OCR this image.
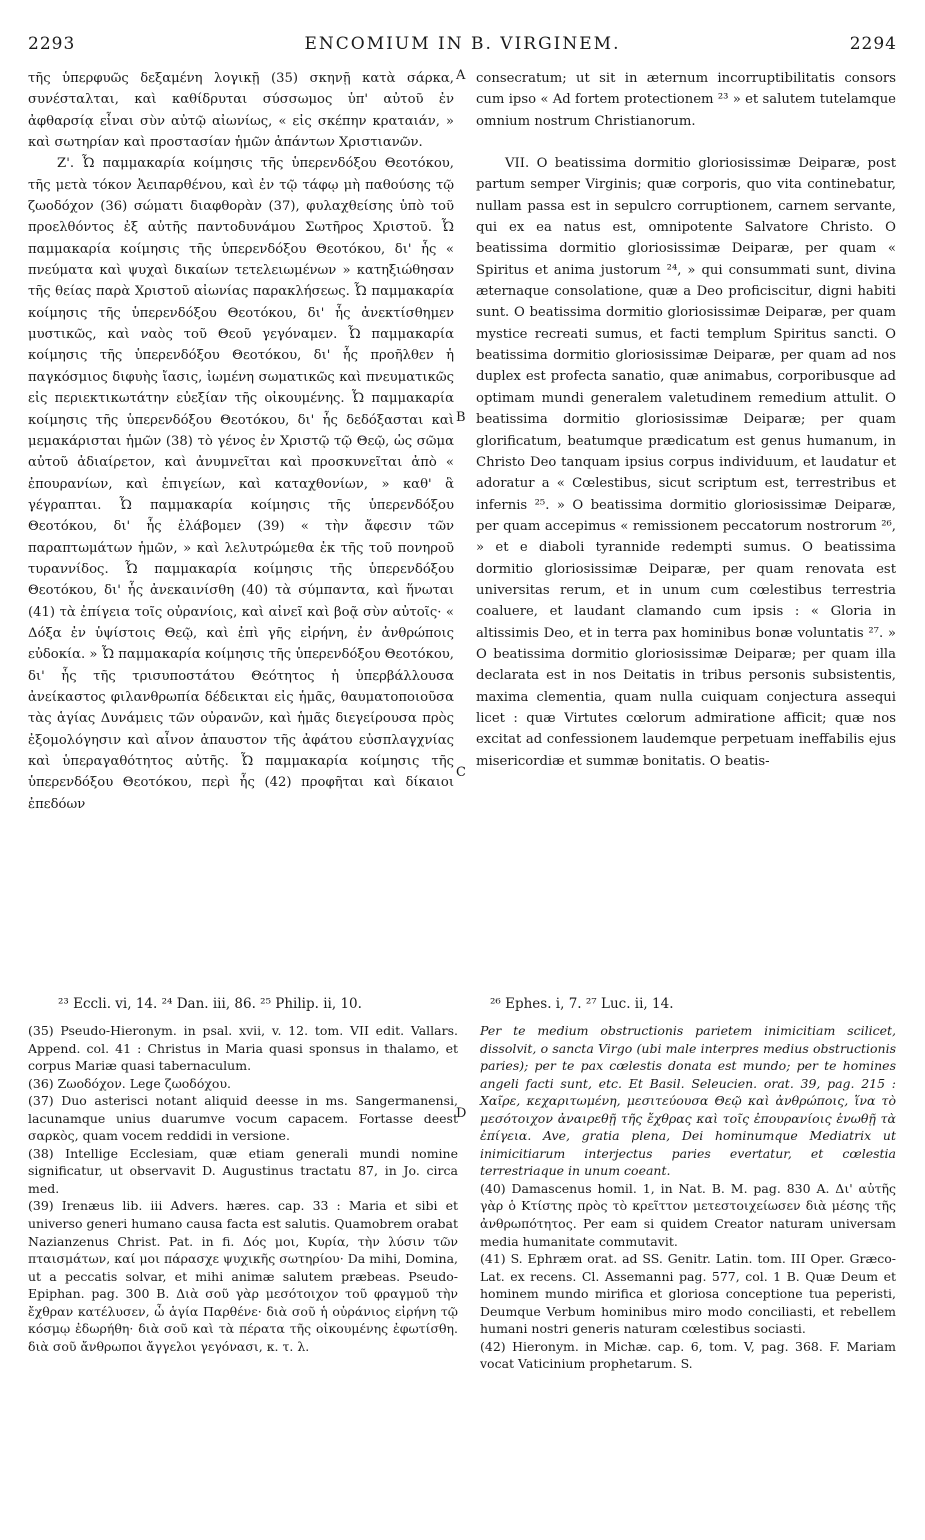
2293	ENCOMIUM IN B. VIRGINEM.	2294

τῆς ὑπερφυῶς δεξαμένη λογικῇ (35) σκηνῇ κατὰ σάρκα, συνέσταλται, καὶ καθίδρυται σύσσωμος ὑπ' αὐτοῦ ἐν ἀφθαρσίᾳ εἶναι σὺν αὐτῷ αἰωνίως, « εἰς σκέπην κραταιάν, » καὶ σωτηρίαν καὶ προστασίαν ἡμῶν ἁπάντων Χριστιανῶν.

Ζ'. Ὦ παμμακαρία κοίμησις τῆς ὑπερενδόξου Θεοτόκου, τῆς μετὰ τόκον Ἀειπαρθένου, καὶ ἐν τῷ τάφῳ μὴ παθούσης τῷ ζωοδόχον (36) σώματι διαφθορὰν (37), φυλαχθείσης ὑπὸ τοῦ προελθόντος ἐξ αὐτῆς παντοδυνάμου Σωτῆρος Χριστοῦ. Ὦ παμμακαρία κοίμησις τῆς ὑπερενδόξου Θεοτόκου, δι' ἧς « πνεύματα καὶ ψυχαὶ δικαίων τετελειωμένων » κατηξιώθησαν τῆς θείας παρὰ Χριστοῦ αἰωνίας παρακλήσεως. Ὦ παμμακαρία κοίμησις τῆς ὑπερενδόξου Θεοτόκου, δι' ἧς ἀνεκτίσθημεν μυστικῶς, καὶ ναὸς τοῦ Θεοῦ γεγόναμεν. Ὦ παμμακαρία κοίμησις τῆς ὑπερενδόξου Θεοτόκου, δι' ἧς προῆλθεν ἡ παγκόσμιος διφυὴς ἴασις, ἰωμένη σωματικῶς καὶ πνευματικῶς εἰς περιεκτικωτάτην εὐεξίαν τῆς οἰκουμένης. Ὦ παμμακαρία κοίμησις τῆς ὑπερενδόξου Θεοτόκου, δι' ἧς δεδόξασται καὶ μεμακάρισται ἡμῶν (38) τὸ γένος ἐν Χριστῷ τῷ Θεῷ, ὡς σῶμα αὐτοῦ ἀδιαίρετον, καὶ ἀνυμνεῖται καὶ προσκυνεῖται ἀπὸ « ἐπουρανίων, καὶ ἐπιγείων, καὶ καταχθονίων, » καθ' ἃ γέγραπται. Ὦ παμμακαρία κοίμησις τῆς ὑπερενδόξου Θεοτόκου, δι' ἧς ἐλάβομεν (39) « τὴν ἄφεσιν τῶν παραπτωμάτων ἡμῶν, » καὶ λελυτρώμεθα ἐκ τῆς τοῦ πονηροῦ τυραννίδος. Ὦ παμμακαρία κοίμησις τῆς ὑπερενδόξου Θεοτόκου, δι' ἧς ἀνεκαινίσθη (40) τὰ σύμπαντα, καὶ ἥνωται (41) τὰ ἐπίγεια τοῖς οὐρανίοις, καὶ αἰνεῖ καὶ βοᾷ σὺν αὐτοῖς· « Δόξα ἐν ὑψίστοις Θεῷ, καὶ ἐπὶ γῆς εἰρήνη, ἐν ἀνθρώποις εὐδοκία. » Ὦ παμμακαρία κοίμησις τῆς ὑπερενδόξου Θεοτόκου, δι' ἧς τῆς τρισυποστάτου Θεότητος ἡ ὑπερβάλλουσα ἀνείκαστος φιλανθρωπία δέδεικται εἰς ἡμᾶς, θαυματοποιοῦσα τὰς ἁγίας Δυνάμεις τῶν οὐρανῶν, καὶ ἡμᾶς διεγείρουσα πρὸς ἐξομολόγησιν καὶ αἶνον ἀπαυστον τῆς ἀφάτου εὐσπλαγχνίας καὶ ὑπεραγαθότητος αὐτῆς. Ὦ παμμακαρία κοίμησις τῆς ὑπερενδόξου Θεοτόκου, περὶ ἧς (42) προφῆται καὶ δίκαιοι ἐπεδόων

A
B
C

consecratum; ut sit in æternum incorruptibilitatis consors cum ipso « Ad fortem protectionem ²³ » et salutem tutelamque omnium nostrum Christianorum.

VII. O beatissima dormitio gloriosissimæ Deiparæ, post partum semper Virginis; quæ corporis, quo vita continebatur, nullam passa est in sepulcro corruptionem, carnem servante, qui ex ea natus est, omnipotente Salvatore Christo. O beatissima dormitio gloriosissimæ Deiparæ, per quam « Spiritus et anima justorum ²⁴, » qui consummati sunt, divina æternaque consolatione, quæ a Deo proficiscitur, digni habiti sunt. O beatissima dormitio gloriosissimæ Deiparæ, per quam mystice recreati sumus, et facti templum Spiritus sancti. O beatissima dormitio gloriosissimæ Deiparæ, per quam ad nos duplex est profecta sanatio, quæ animabus, corporibusque ad optimam mundi generalem valetudinem remedium attulit. O beatissima dormitio gloriosissimæ Deiparæ; per quam glorificatum, beatumque prædicatum est genus humanum, in Christo Deo tanquam ipsius corpus individuum, et laudatur et adoratur a « Cœlestibus, sicut scriptum est, terrestribus et infernis ²⁵. » O beatissima dormitio gloriosissimæ Deiparæ, per quam accepimus « remissionem peccatorum nostrorum ²⁶, » et e diaboli tyrannide redempti sumus. O beatissima dormitio gloriosissimæ Deiparæ, per quam renovata est universitas rerum, et in unum cum cœlestibus terrestria coaluere, et laudant clamando cum ipsis : « Gloria in altissimis Deo, et in terra pax hominibus bonæ voluntatis ²⁷. » O beatissima dormitio gloriosissimæ Deiparæ; per quam illa declarata est in nos Deitatis in tribus personis subsistentis, maxima clementia, quam nulla cuiquam conjectura assequi licet : quæ Virtutes cœlorum admiratione afficit; quæ nos excitat ad confessionem laudemque perpetuam ineffabilis ejus misericordiæ et summæ bonitatis. O beatis-

²³ Eccli. vi, 14. ²⁴ Dan. iii, 86. ²⁵ Philip. ii, 10.	²⁶ Ephes. i, 7. ²⁷ Luc. ii, 14.

(35) Pseudo-Hieronym. in psal. xvii, v. 12. tom. VII edit. Vallars. Append. col. 41 : Christus in Maria quasi sponsus in thalamo, et corpus Mariæ quasi tabernaculum.

(36) Ζωοδόχον. Lege ζωοδόχου.

(37) Duo asterisci notant aliquid deesse in ms. Sangermanensi, lacunamque unius duarumve vocum capacem. Fortasse deest σαρκὸς, quam vocem reddidi in versione.

(38) Intellige Ecclesiam, quæ etiam generali mundi nomine significatur, ut observavit D. Augustinus tractatu 87, in Jo. circa med.

(39) Irenæus lib. iii Advers. hæres. cap. 33 : Maria et sibi et universo generi humano causa facta est salutis. Quamobrem orabat Nazianzenus Christ. Pat. in fi. Δός μοι, Κυρία, τὴν λύσιν τῶν πταισμάτων, καί μοι πάρασχε ψυχικῆς σωτηρίου· Da mihi, Domina, ut a peccatis solvar, et mihi animæ salutem præbeas. Pseudo-Epiphan. pag. 300 B. Διὰ σοῦ γὰρ μεσότοιχον τοῦ φραγμοῦ τὴν ἔχθραν κατέλυσεν, ὦ ἁγία Παρθένε· διὰ σοῦ ἡ οὐράνιος εἰρήνη τῷ κόσμῳ ἐδωρήθη· διὰ σοῦ καὶ τὰ πέρατα τῆς οἰκουμένης ἐφωτίσθη. διὰ σοῦ ἄνθρωποι ἄγγελοι γεγόνασι, κ. τ. λ.

D

Per te medium obstructionis parietem inimicitiam scilicet, dissolvit, o sancta Virgo (ubi male interpres medius obstructionis paries); per te pax cœlestis donata est mundo; per te homines angeli facti sunt, etc. Et Basil. Seleucien. orat. 39, pag. 215 : Χαῖρε, κεχαριτωμένη, μεσιτεύουσα Θεῷ καὶ ἀνθρώποις, ἵνα τὸ μεσότοιχον ἀναιρεθῇ τῆς ἔχθρας καὶ τοῖς ἐπουρανίοις ἑνωθῇ τὰ ἐπίγεια. Ave, gratia plena, Dei hominumque Mediatrix ut inimicitiarum interjectus paries evertatur, et cœlestia terrestriaque in unum coeant.

(40) Damascenus homil. 1, in Nat. B. M. pag. 830 A. Δι' αὐτῆς γὰρ ὁ Κτίστης πρὸς τὸ κρεῖττον μετεστοιχείωσεν διὰ μέσης τῆς ἀνθρωπότητος. Per eam si quidem Creator naturam universam media humanitate commutavit.

(41) S. Ephræm orat. ad SS. Genitr. Latin. tom. III Oper. Græco-Lat. ex recens. Cl. Assemanni pag. 577, col. 1 B. Quæ Deum et hominem mundo mirifica et gloriosa conceptione tua peperisti, Deumque Verbum hominibus miro modo conciliasti, et rebellem humani nostri generis naturam cœlestibus sociasti.

(42) Hieronym. in Michæ. cap. 6, tom. V, pag. 368. F. Mariam vocat Vaticinium prophetarum. S.
